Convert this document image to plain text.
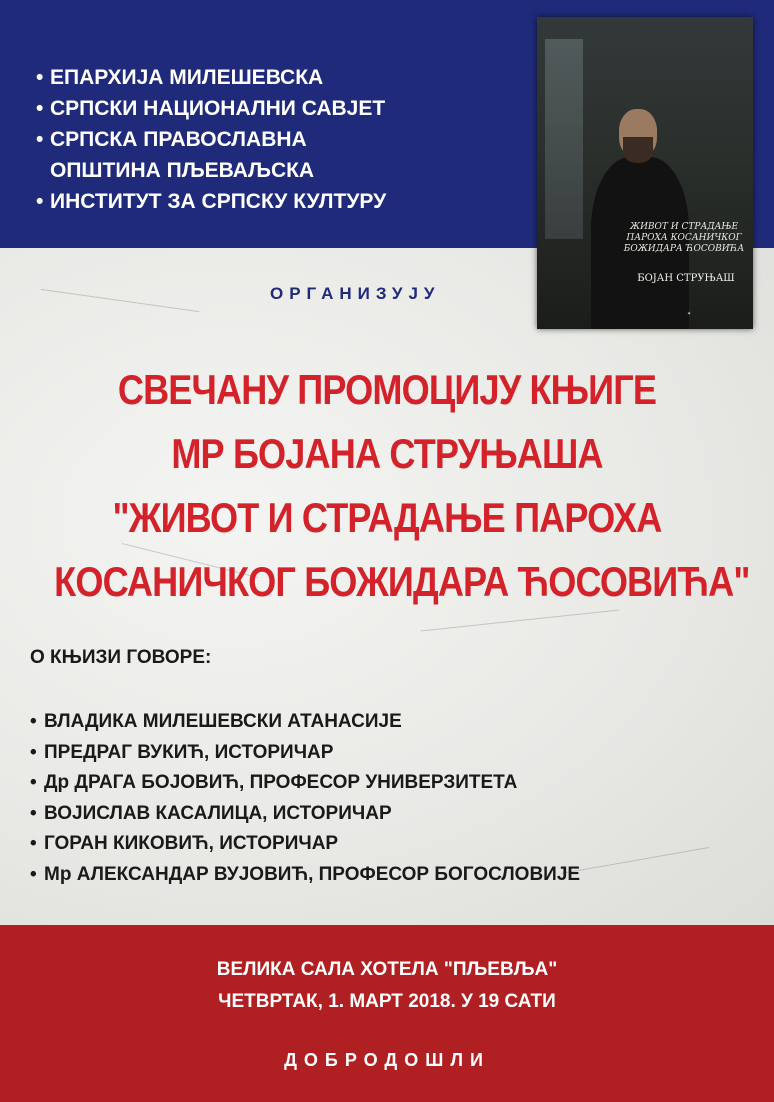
• ЕПАРХИЈА МИЛЕШЕВСКА
• СРПСКИ НАЦИОНАЛНИ САВЈЕТ
• СРПСКА ПРАВОСЛАВНА
ОПШТИНА ПЉЕВАЉСКА
• ИНСТИТУТ ЗА СРПСКУ КУЛТУРУ
ЖИВОТ И СТРАДАЊЕ
ПАРОХА КОСАНИЧКОГ
БОЖИДАРА ЋОСОВИЋА
БОЈАН СТРУЊАШ
✦
ОРГАНИЗУЈУ
СВЕЧАНУ ПРОМОЦИЈУ КЊИГЕ
МР БОЈАНА СТРУЊАША
"ЖИВОТ И СТРАДАЊЕ ПАРОХА
КОСАНИЧКОГ БОЖИДАРА ЋОСОВИЋА"
О КЊИЗИ ГОВОРЕ:
• ВЛАДИКА МИЛЕШЕВСКИ АТАНАСИЈЕ
• ПРЕДРАГ ВУКИЋ, ИСТОРИЧАР
• Др ДРАГА БОЈОВИЋ, ПРОФЕСОР УНИВЕРЗИТЕТА
• ВОЈИСЛАВ КАСАЛИЦА, ИСТОРИЧАР
• ГОРАН КИКОВИЋ, ИСТОРИЧАР
• Мр АЛЕКСАНДАР ВУЈОВИЋ, ПРОФЕСОР БОГОСЛОВИЈЕ
ВЕЛИКА САЛА ХОТЕЛА "ПЉЕВЉА"
ЧЕТВРТАК, 1. МАРТ 2018. У 19 САТИ
ДОБРОДОШЛИ
